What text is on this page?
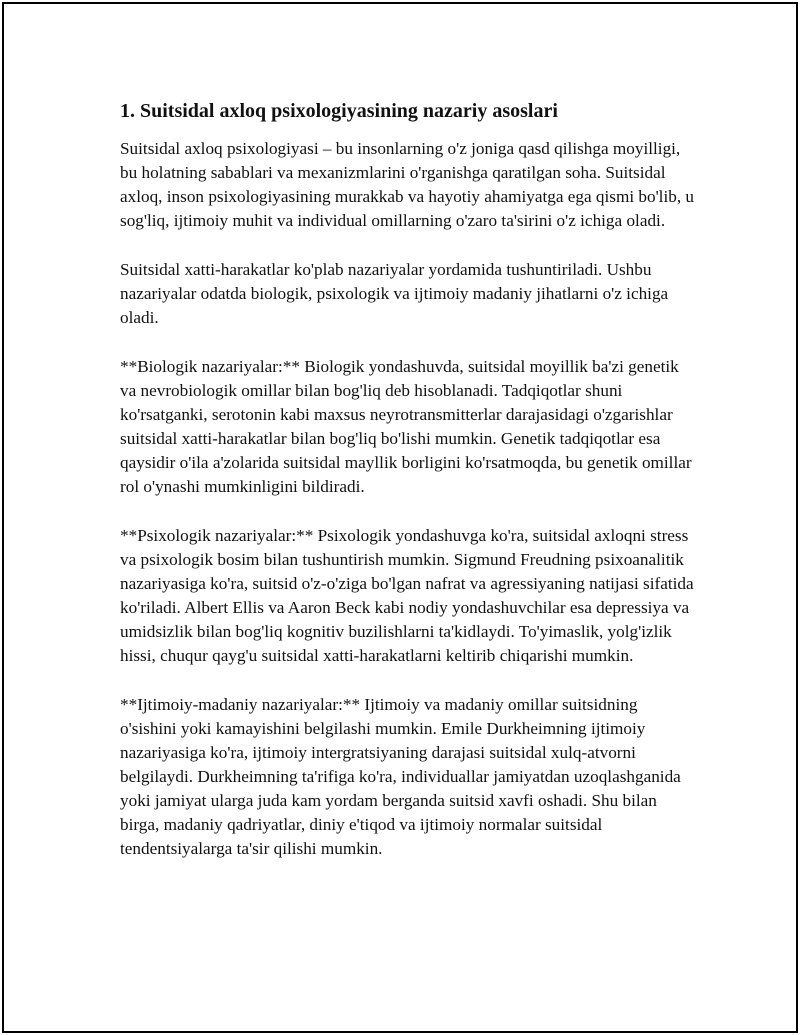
1. Suitsidal axloq psixologiyasining nazariy asoslari

Suitsidal axloq psixologiyasi – bu insonlarning o'z joniga qasd qilishga moyilligi, bu holatning sabablari va mexanizmlarini o'rganishga qaratilgan soha. Suitsidal axloq, inson psixologiyasining murakkab va hayotiy ahamiyatga ega qismi bo'lib, u sog'liq, ijtimoiy muhit va individual omillarning o'zaro ta'sirini o'z ichiga oladi.

Suitsidal xatti-harakatlar ko'plab nazariyalar yordamida tushuntiriladi. Ushbu nazariyalar odatda biologik, psixologik va ijtimoiy madaniy jihatlarni o'z ichiga oladi.

**Biologik nazariyalar:** Biologik yondashuvda, suitsidal moyillik ba'zi genetik va nevrobiologik omillar bilan bog'liq deb hisoblanadi. Tadqiqotlar shuni ko'rsatganki, serotonin kabi maxsus neyrotransmitterlar darajasidagi o'zgarishlar suitsidal xatti-harakatlar bilan bog'liq bo'lishi mumkin. Genetik tadqiqotlar esa qaysidir o'ila a'zolarida suitsidal mayllik borligini ko'rsatmoqda, bu genetik omillar rol o'ynashi mumkinligini bildiradi.

**Psixologik nazariyalar:** Psixologik yondashuvga ko'ra, suitsidal axloqni stress va psixologik bosim bilan tushuntirish mumkin. Sigmund Freudning psixoanalitik nazariyasiga ko'ra, suitsid o'z-o'ziga bo'lgan nafrat va agressiyaning natijasi sifatida ko'riladi. Albert Ellis va Aaron Beck kabi nodiy yondashuvchilar esa depressiya va umidsizlik bilan bog'liq kognitiv buzilishlarni ta'kidlaydi. To'yimaslik, yolg'izlik hissi, chuqur qayg'u suitsidal xatti-harakatlarni keltirib chiqarishi mumkin.

**Ijtimoiy-madaniy nazariyalar:** Ijtimoiy va madaniy omillar suitsidning o'sishini yoki kamayishini belgilashi mumkin. Emile Durkheimning ijtimoiy nazariyasiga ko'ra, ijtimoiy intergratsiyaning darajasi suitsidal xulq-atvorni belgilaydi. Durkheimning ta'rifiga ko'ra, individuallar jamiyatdan uzoqlashganida yoki jamiyat ularga juda kam yordam berganda suitsid xavfi oshadi. Shu bilan birga, madaniy qadriyatlar, diniy e'tiqod va ijtimoiy normalar suitsidal tendentsiyalarga ta'sir qilishi mumkin.
